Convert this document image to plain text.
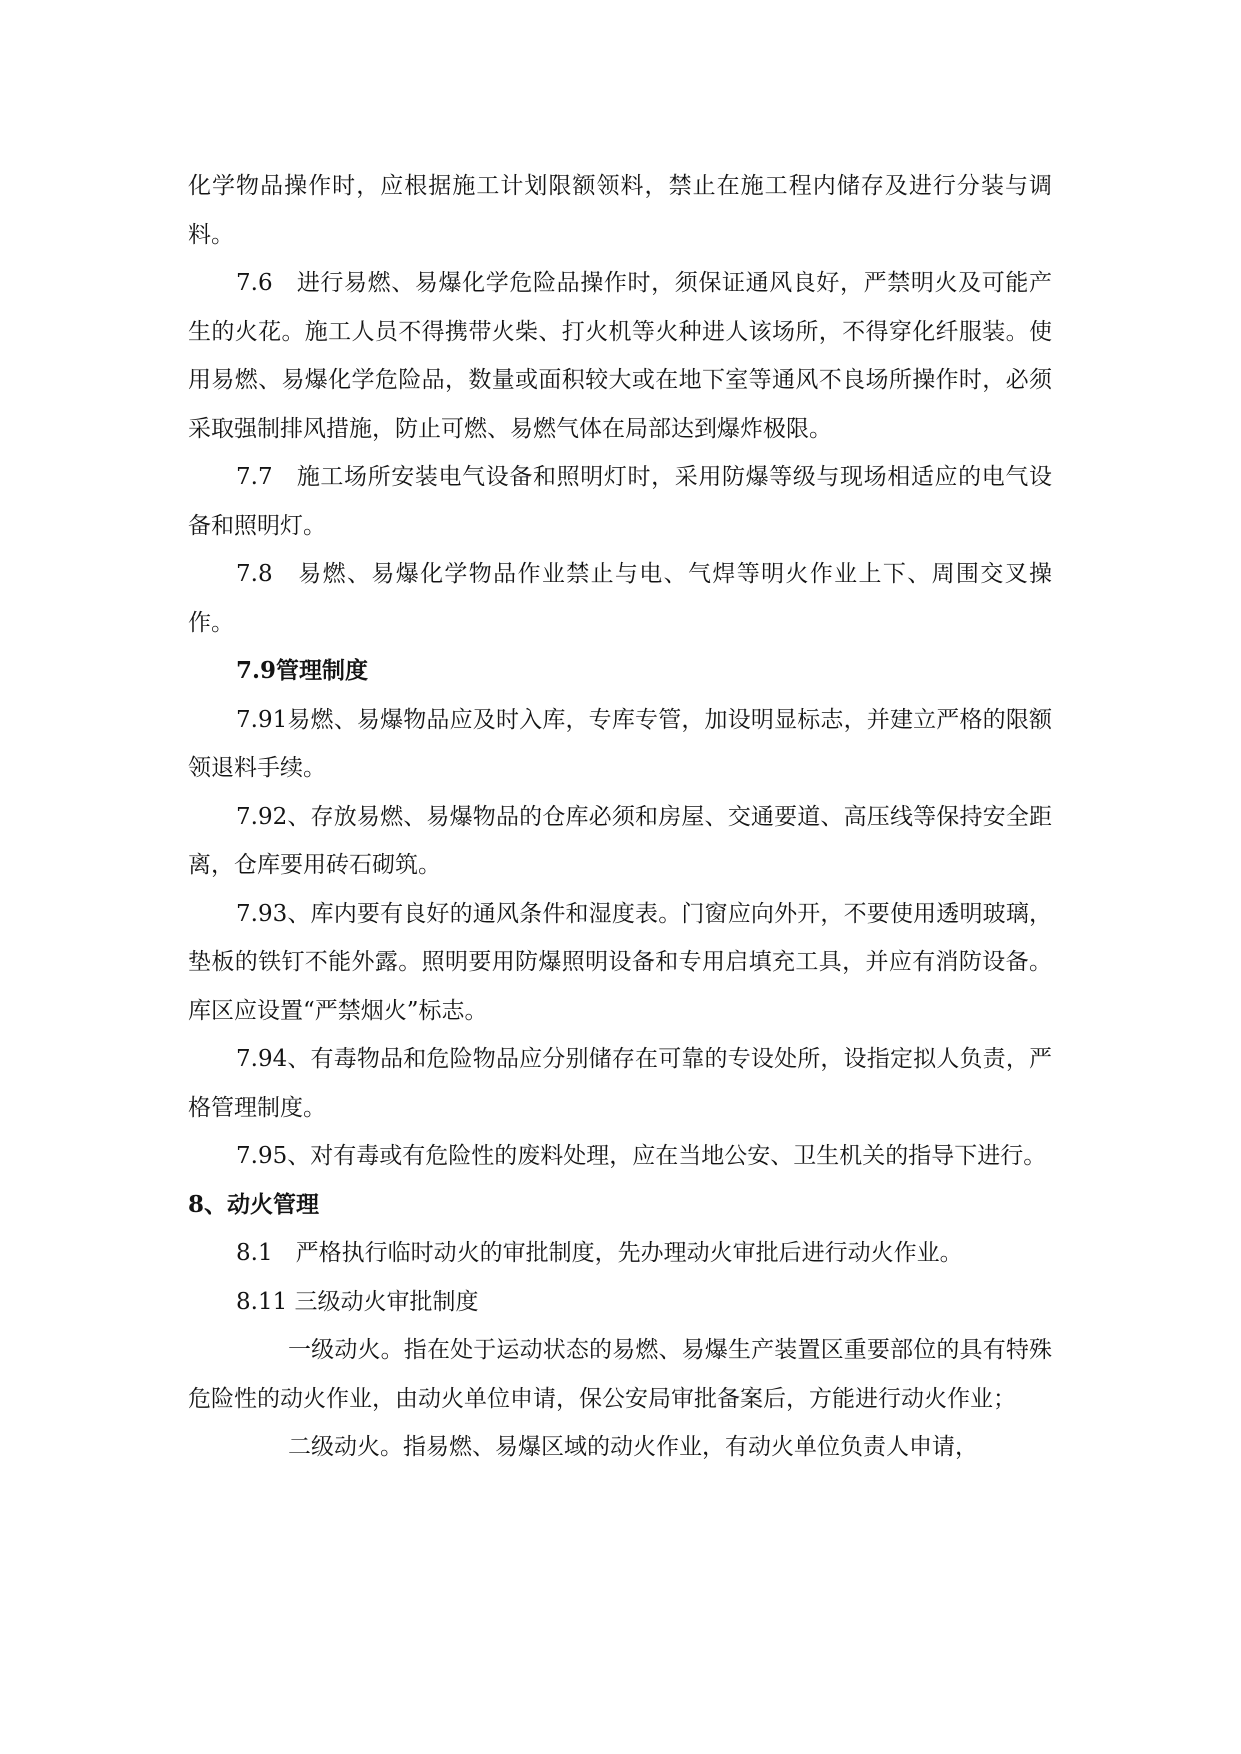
化学物品操作时，应根据施工计划限额领料，禁止在施工程内储存及进行分装与调料。

7.6　进行易燃、易爆化学危险品操作时，须保证通风良好，严禁明火及可能产生的火花。施工人员不得携带火柴、打火机等火种进人该场所，不得穿化纤服装。使用易燃、易爆化学危险品，数量或面积较大或在地下室等通风不良场所操作时，必须采取强制排风措施，防止可燃、易燃气体在局部达到爆炸极限。

7.7　施工场所安装电气设备和照明灯时，采用防爆等级与现场相适应的电气设备和照明灯。

7.8　易燃、易爆化学物品作业禁止与电、气焊等明火作业上下、周围交叉操作。

7.9管理制度

7.91易燃、易爆物品应及时入库，专库专管，加设明显标志，并建立严格的限额领退料手续。

7.92、存放易燃、易爆物品的仓库必须和房屋、交通要道、高压线等保持安全距离，仓库要用砖石砌筑。

7.93、库内要有良好的通风条件和湿度表。门窗应向外开，不要使用透明玻璃，垫板的铁钉不能外露。照明要用防爆照明设备和专用启填充工具，并应有消防设备。库区应设置“严禁烟火”标志。

7.94、有毒物品和危险物品应分别储存在可靠的专设处所，设指定拟人负责，严格管理制度。

7.95、对有毒或有危险性的废料处理，应在当地公安、卫生机关的指导下进行。

8、动火管理

8.1　严格执行临时动火的审批制度，先办理动火审批后进行动火作业。

8.11 三级动火审批制度

一级动火。指在处于运动状态的易燃、易爆生产装置区重要部位的具有特殊危险性的动火作业，由动火单位申请，保公安局审批备案后，方能进行动火作业；

二级动火。指易燃、易爆区域的动火作业，有动火单位负责人申请，
